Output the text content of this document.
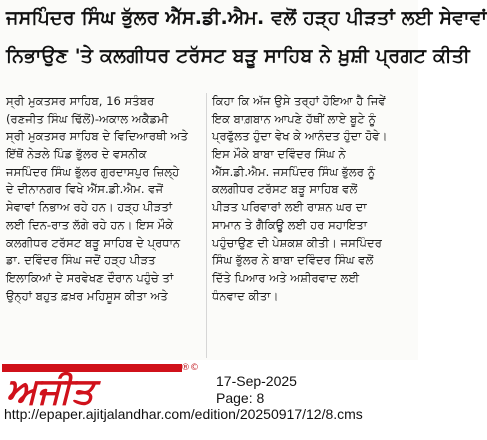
ਜਸਪਿੰਦਰ ਸਿੰਘ ਭੁੱਲਰ ਐੱਸ.ਡੀ.ਐਮ. ਵਲੋਂ ਹੜ੍ਹ ਪੀੜਤਾਂ ਲਈ ਸੇਵਾਵਾਂ
ਨਿਭਾਉਣ 'ਤੇ ਕਲਗੀਧਰ ਟਰੱਸਟ ਬੜੂ ਸਾਹਿਬ ਨੇ ਖ਼ੁਸ਼ੀ ਪ੍ਰਗਟ ਕੀਤੀ
ਸ੍ਰੀ ਮੁਕਤਸਰ ਸਾਹਿਬ, 16 ਸਤੰਬਰ
(ਰਣਜੀਤ ਸਿੰਘ ਢਿੱਲੋਂ)-ਅਕਾਲ ਅਕੈਡਮੀ
ਸ੍ਰੀ ਮੁਕਤਸਰ ਸਾਹਿਬ ਦੇ ਵਿਦਿਆਰਥੀ ਅਤੇ
ਇੱਥੋਂ ਨੇੜਲੇ ਪਿੰਡ ਭੁੱਲਰ ਦੇ ਵਸਨੀਕ
ਜਸਪਿੰਦਰ ਸਿੰਘ ਭੁੱਲਰ ਗੁਰਦਾਸਪੁਰ ਜ਼ਿਲ੍ਹੇ
ਦੇ ਦੀਨਾਨਗਰ ਵਿਖੇ ਐੱਸ.ਡੀ.ਐਮ. ਵਜੋਂ
ਸੇਵਾਵਾਂ ਨਿਭਾਅ ਰਹੇ ਹਨ। ਹੜ੍ਹ ਪੀੜਤਾਂ
ਲਈ ਦਿਨ-ਰਾਤ ਲੱਗੇ ਰਹੇ ਹਨ। ਇਸ ਮੌਕੇ
ਕਲਗੀਧਰ ਟਰੱਸਟ ਬੜੂ ਸਾਹਿਬ ਦੇ ਪ੍ਰਧਾਨ
ਡਾ. ਦਵਿੰਦਰ ਸਿੰਘ ਜਦੋਂ ਹੜ੍ਹ ਪੀੜਤ
ਇਲਾਕਿਆਂ ਦੇ ਸਰਵੇਖਣ ਦੌਰਾਨ ਪਹੁੰਚੇ ਤਾਂ
ਉਨ੍ਹਾਂ ਬਹੁਤ ਫ਼ਖ਼ਰ ਮਹਿਸੂਸ ਕੀਤਾ ਅਤੇ
ਕਿਹਾ ਕਿ ਅੱਜ ਉਸੇ ਤਰ੍ਹਾਂ ਹੋਇਆ ਹੈ ਜਿਵੇਂ
ਇਕ ਬਾਗ਼ਬਾਨ ਆਪਣੇ ਹੱਥੀਂ ਲਾਏ ਬੂਟੇ ਨੂੰ
ਪ੍ਰਫੁੱਲਤ ਹੁੰਦਾ ਵੇਖ ਕੇ ਆਨੰਦਤ ਹੁੰਦਾ ਹੋਵੇ।
ਇਸ ਮੌਕੇ ਬਾਬਾ ਦਵਿੰਦਰ ਸਿੰਘ ਨੇ
ਐੱਸ.ਡੀ.ਐਮ. ਜਸਪਿੰਦਰ ਸਿੰਘ ਭੁੱਲਰ ਨੂੰ
ਕਲਗੀਧਰ ਟਰੱਸਟ ਬੜੂ ਸਾਹਿਬ ਵਲੋਂ
ਪੀੜਤ ਪਰਿਵਾਰਾਂ ਲਈ ਰਾਸ਼ਨ ਘਰ ਦਾ
ਸਾਮਾਨ ਤੇ ਗੈਕਿਊ ਲਈ ਹਰ ਸਹਾਇਤਾ
ਪਹੁੰਚਾਉਣ ਦੀ ਪੇਸ਼ਕਸ਼ ਕੀਤੀ। ਜਸਪਿੰਦਰ
ਸਿੰਘ ਭੁੱਲਰ ਨੇ ਬਾਬਾ ਦਵਿੰਦਰ ਸਿੰਘ ਵਲੋਂ
ਦਿੱਤੇ ਪਿਆਰ ਅਤੇ ਅਸ਼ੀਰਵਾਦ ਲਈ
ਧੰਨਵਾਦ ਕੀਤਾ।
ਅਜੀਤ
®©
17-Sep-2025
Page: 8
http://epaper.ajitjalandhar.com/edition/20250917/12/8.cms
